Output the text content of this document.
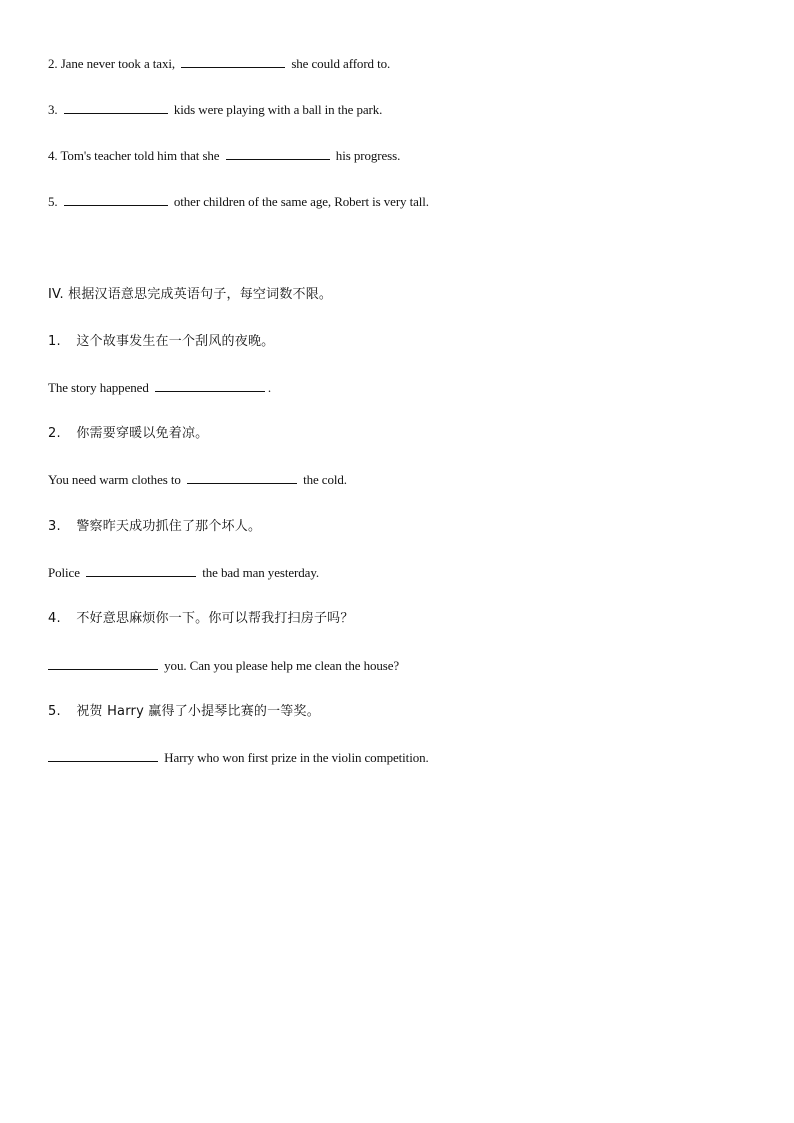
2. Jane never took a taxi,	she could afford to.
3.	kids were playing with a ball in the park.
4. Tom's teacher told him that she	his progress.
5.	other children of the same age, Robert is very tall.
IV. 根据汉语意思完成英语句子，每空词数不限。
1. 这个故事发生在一个刮风的夜晚。
The story happened	.
2. 你需要穿暖以免着凉。
You need warm clothes to	the cold.
3. 警察昨天成功抓住了那个坏人。
Police	the bad man yesterday.
4. 不好意思麻烦你一下。你可以帮我打扫房子吗？
you. Can you please help me clean the house?
5. 祝贺 Harry 赢得了小提琴比赛的一等奖。
Harry who won first prize in the violin competition.
